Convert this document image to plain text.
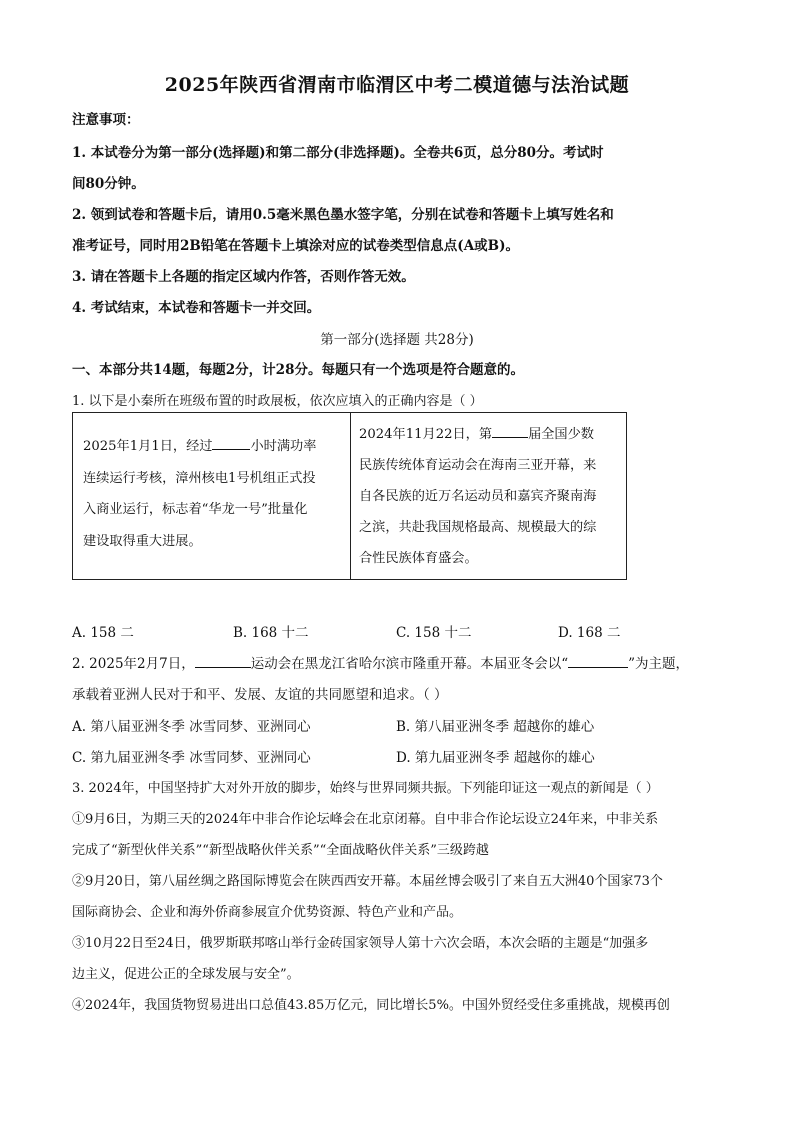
2025年陕西省渭南市临渭区中考二模道德与法治试题
注意事项：
1. 本试卷分为第一部分(选择题)和第二部分(非选择题)。全卷共6页，总分80分。考试时
间80分钟。
2. 领到试卷和答题卡后，请用0.5毫米黑色墨水签字笔，分别在试卷和答题卡上填写姓名和
准考证号，同时用2B铅笔在答题卡上填涂对应的试卷类型信息点(A或B)。
3. 请在答题卡上各题的指定区域内作答，否则作答无效。
4. 考试结束，本试卷和答题卡一并交回。
第一部分(选择题 共28分)
一、本部分共14题，每题2分，计28分。每题只有一个选项是符合题意的。
1. 以下是小秦所在班级布置的时政展板，依次应填入的正确内容是（ ）
2025年1月1日，经过	小时满功率
连续运行考核，漳州核电1号机组正式投
入商业运行，标志着“华龙一号”批量化
建设取得重大进展。

2024年11月22日，第	届全国少数
民族传统体育运动会在海南三亚开幕，来
自各民族的近万名运动员和嘉宾齐聚南海
之滨，共赴我国规格最高、规模最大的综
合性民族体育盛会。
A. 158 二	B. 168 十二	C. 158 十二	D. 168 二
2. 2025年2月7日，	运动会在黑龙江省哈尔滨市隆重开幕。本届亚冬会以“	”为主题，
承载着亚洲人民对于和平、发展、友谊的共同愿望和追求。（ ）
A. 第八届亚洲冬季 冰雪同梦、亚洲同心	B. 第八届亚洲冬季 超越你的雄心
C. 第九届亚洲冬季 冰雪同梦、亚洲同心	D. 第九届亚洲冬季 超越你的雄心
3. 2024年，中国坚持扩大对外开放的脚步，始终与世界同频共振。下列能印证这一观点的新闻是（ ）
①9月6日，为期三天的2024年中非合作论坛峰会在北京闭幕。自中非合作论坛设立24年来，中非关系
完成了“新型伙伴关系”“新型战略伙伴关系”“全面战略伙伴关系”三级跨越
②9月20日，第八届丝绸之路国际博览会在陕西西安开幕。本届丝博会吸引了来自五大洲40个国家73个
国际商协会、企业和海外侨商参展宣介优势资源、特色产业和产品。
③10月22日至24日，俄罗斯联邦喀山举行金砖国家领导人第十六次会晤，本次会晤的主题是“加强多
边主义，促进公正的全球发展与安全”。
④2024年，我国货物贸易进出口总值43.85万亿元，同比增长5%。中国外贸经受住多重挑战，规模再创
